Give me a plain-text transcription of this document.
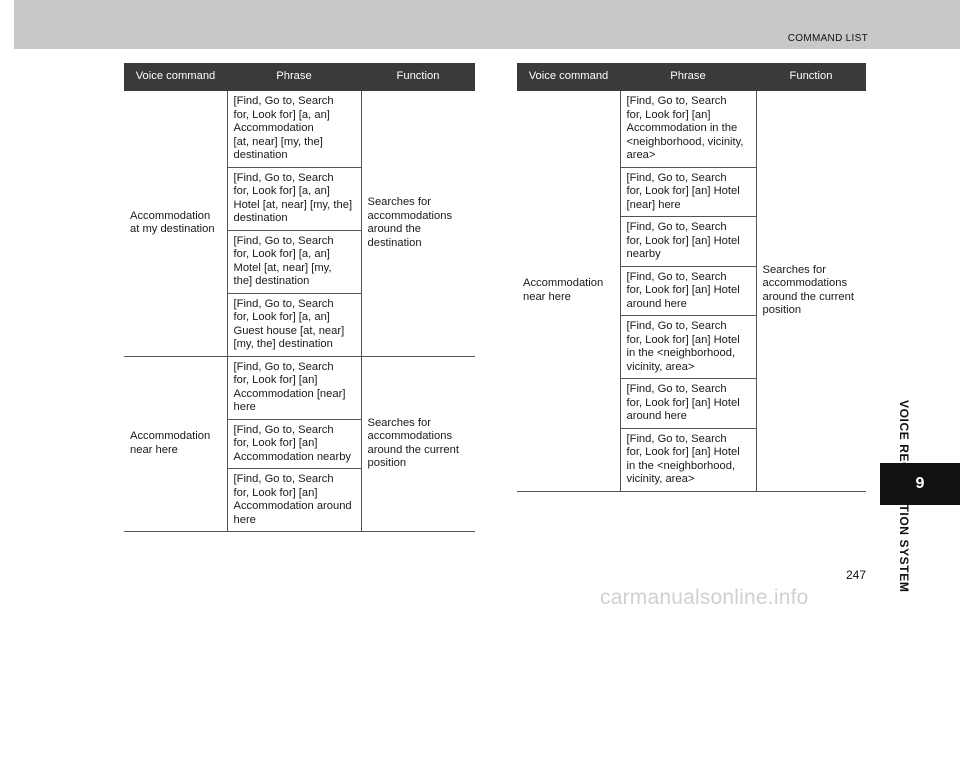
COMMAND LIST
9
Voice command	Phrase	Function
Accommodation
at my destination	[Find, Go to, Search
for, Look for] [a, an]
Accommodation
[at, near] [my, the]
destination	Searches for
accommodations
around the
destination
	[Find, Go to, Search
for, Look for] [a, an]
Hotel [at, near] [my, the]
destination	
	[Find, Go to, Search
for, Look for] [a, an]
Motel [at, near] [my,
the] destination	
	[Find, Go to, Search
for, Look for] [a, an]
Guest house [at, near]
[my, the] destination	
Accommodation
near here	[Find, Go to, Search
for, Look for] [an]
Accommodation [near]
here	Searches for
accommodations
around the current
position
	[Find, Go to, Search
for, Look for] [an]
Accommodation nearby	
	[Find, Go to, Search
for, Look for] [an]
Accommodation around
here	
Voice command	Phrase	Function
Accommodation
near here	[Find, Go to, Search
for, Look for] [an]
Accommodation in the
<neighborhood, vicinity,
area>	Searches for
accommodations
around the current
position
	[Find, Go to, Search
for, Look for] [an] Hotel
[near] here	
	[Find, Go to, Search
for, Look for] [an] Hotel
nearby	
	[Find, Go to, Search
for, Look for] [an] Hotel
around here	
	[Find, Go to, Search
for, Look for] [an] Hotel
in the <neighborhood,
vicinity, area>	
	[Find, Go to, Search
for, Look for] [an] Hotel
around here	
	[Find, Go to, Search
for, Look for] [an] Hotel
in the <neighborhood,
vicinity, area>	
247
carmanualsonline.info
